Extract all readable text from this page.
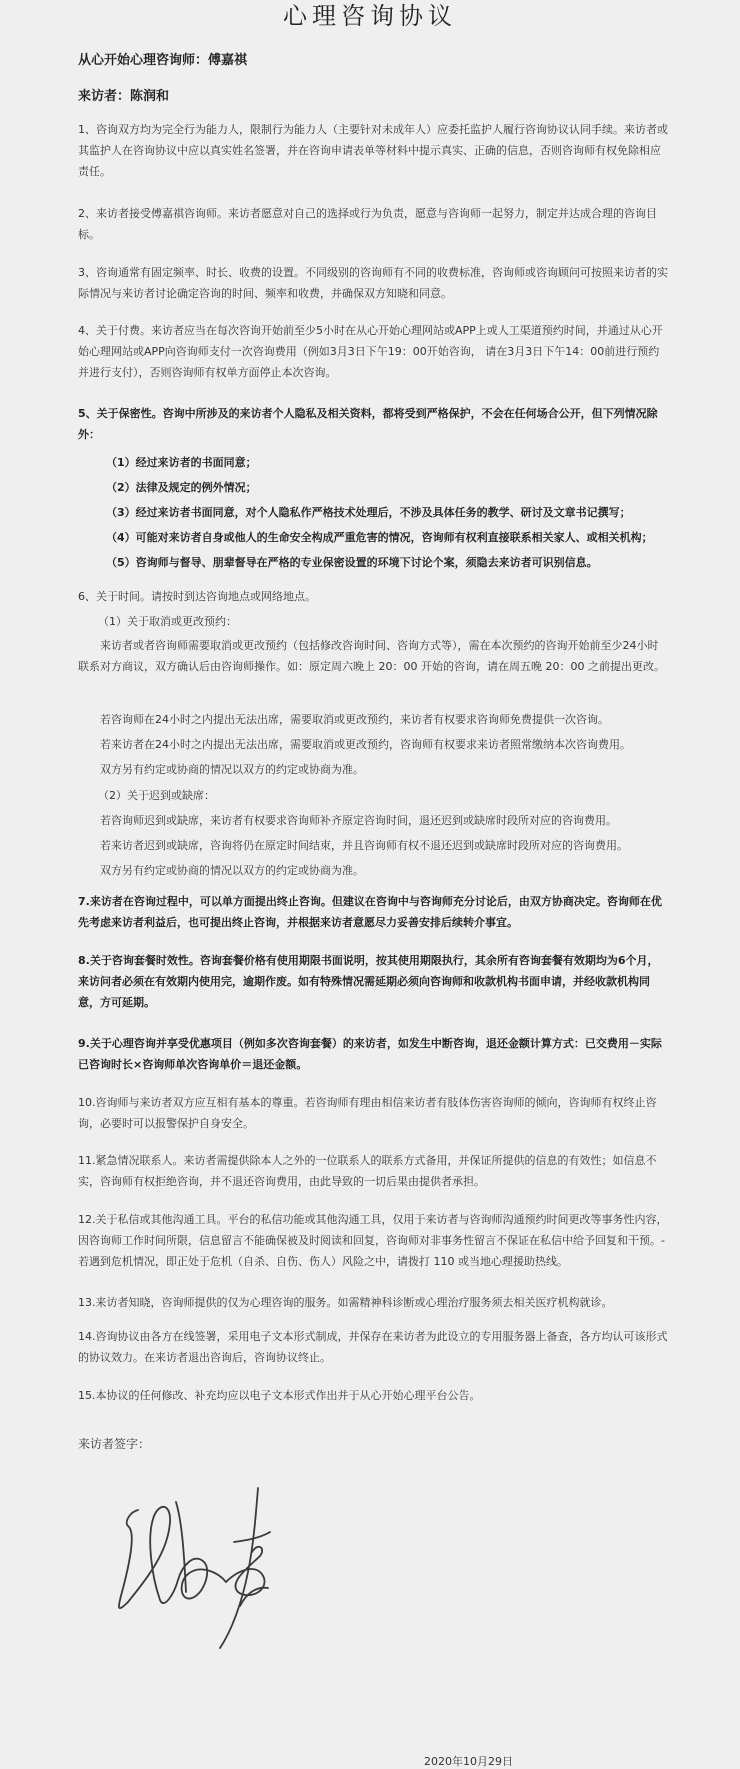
心理咨询协议
从心开始心理咨询师：傅嘉祺
来访者：陈润和

1、咨询双方均为完全行为能力人，限制行为能力人（主要针对未成年人）应委托监护人履行咨询协议认同手续。来访者或其监护人在咨询协议中应以真实姓名签署，并在咨询申请表单等材料中提示真实、正确的信息，否则咨询师有权免除相应责任。

2、来访者接受傅嘉祺咨询师。来访者愿意对自己的选择或行为负责，愿意与咨询师一起努力，制定并达成合理的咨询目标。

3、咨询通常有固定频率、时长、收费的设置。不同级别的咨询师有不同的收费标准，咨询师或咨询顾问可按照来访者的实际情况与来访者讨论确定咨询的时间、频率和收费，并确保双方知晓和同意。

4、关于付费。来访者应当在每次咨询开始前至少5小时在从心开始心理网站或APP上或人工渠道预约时间，并通过从心开始心理网站或APP向咨询师支付一次咨询费用（例如3月3日下午19：00开始咨询， 请在3月3日下午14：00前进行预约并进行支付），否则咨询师有权单方面停止本次咨询。

5、关于保密性。咨询中所涉及的来访者个人隐私及相关资料，都将受到严格保护，不会在任何场合公开，但下列情况除外：

（1）经过来访者的书面同意；
（2）法律及规定的例外情况；
（3）经过来访者书面同意，对个人隐私作严格技术处理后，不涉及具体任务的教学、研讨及文章书记撰写；
（4）可能对来访者自身或他人的生命安全构成严重危害的情况，咨询师有权利直接联系相关家人、或相关机构；
（5）咨询师与督导、朋辈督导在严格的专业保密设置的环境下讨论个案，须隐去来访者可识别信息。
6、关于时间。请按时到达咨询地点或网络地点。
（1）关于取消或更改预约：

来访者或者咨询师需要取消或更改预约（包括修改咨询时间、咨询方式等），需在本次预约的咨询开始前至少24小时联系对方商议，双方确认后由咨询师操作。如：原定周六晚上 20：00 开始的咨询，请在周五晚 20：00 之前提出更改。

若咨询师在24小时之内提出无法出席，需要取消或更改预约，来访者有权要求咨询师免费提供一次咨询。
若来访者在24小时之内提出无法出席，需要取消或更改预约，咨询师有权要求来访者照常缴纳本次咨询费用。
双方另有约定或协商的情况以双方的约定或协商为准。
（2）关于迟到或缺席：
若咨询师迟到或缺席，来访者有权要求咨询师补齐原定咨询时间，退还迟到或缺席时段所对应的咨询费用。
若来访者迟到或缺席，咨询将仍在原定时间结束，并且咨询师有权不退还迟到或缺席时段所对应的咨询费用。
双方另有约定或协商的情况以双方的约定或协商为准。

7.来访者在咨询过程中，可以单方面提出终止咨询。但建议在咨询中与咨询师充分讨论后，由双方协商决定。咨询师在优先考虑来访者利益后，也可提出终止咨询，并根据来访者意愿尽力妥善安排后续转介事宜。

8.关于咨询套餐时效性。咨询套餐价格有使用期限书面说明，按其使用期限执行，其余所有咨询套餐有效期均为6个月，来访问者必须在有效期内使用完，逾期作废。如有特殊情况需延期必须向咨询师和收款机构书面申请，并经收款机构同意，方可延期。

9.关于心理咨询并享受优惠项目（例如多次咨询套餐）的来访者，如发生中断咨询，退还金额计算方式：已交费用－实际已咨询时长×咨询师单次咨询单价＝退还金额。

10.咨询师与来访者双方应互相有基本的尊重。若咨询师有理由相信来访者有肢体伤害咨询师的倾向，咨询师有权终止咨询，必要时可以报警保护自身安全。

11.紧急情况联系人。来访者需提供除本人之外的一位联系人的联系方式备用，并保证所提供的信息的有效性；如信息不实，咨询师有权拒绝咨询，并不退还咨询费用，由此导致的一切后果由提供者承担。

12.关于私信或其他沟通工具。平台的私信功能或其他沟通工具，仅用于来访者与咨询师沟通预约时间更改等事务性内容，因咨询师工作时间所限，信息留言不能确保被及时阅读和回复，咨询师对非事务性留言不保证在私信中给予回复和干预。- 若遇到危机情况，即正处于危机（自杀、自伤、伤人）风险之中，请拨打 110 或当地心理援助热线。

13.来访者知晓，咨询师提供的仅为心理咨询的服务。如需精神科诊断或心理治疗服务须去相关医疗机构就诊。

14.咨询协议由各方在线签署，采用电子文本形式制成，并保存在来访者为此设立的专用服务器上备查，各方均认可该形式的协议效力。在来访者退出咨询后，咨询协议终止。

15.本协议的任何修改、补充均应以电子文本形式作出并于从心开始心理平台公告。

来访者签字：
2020年10月29日
